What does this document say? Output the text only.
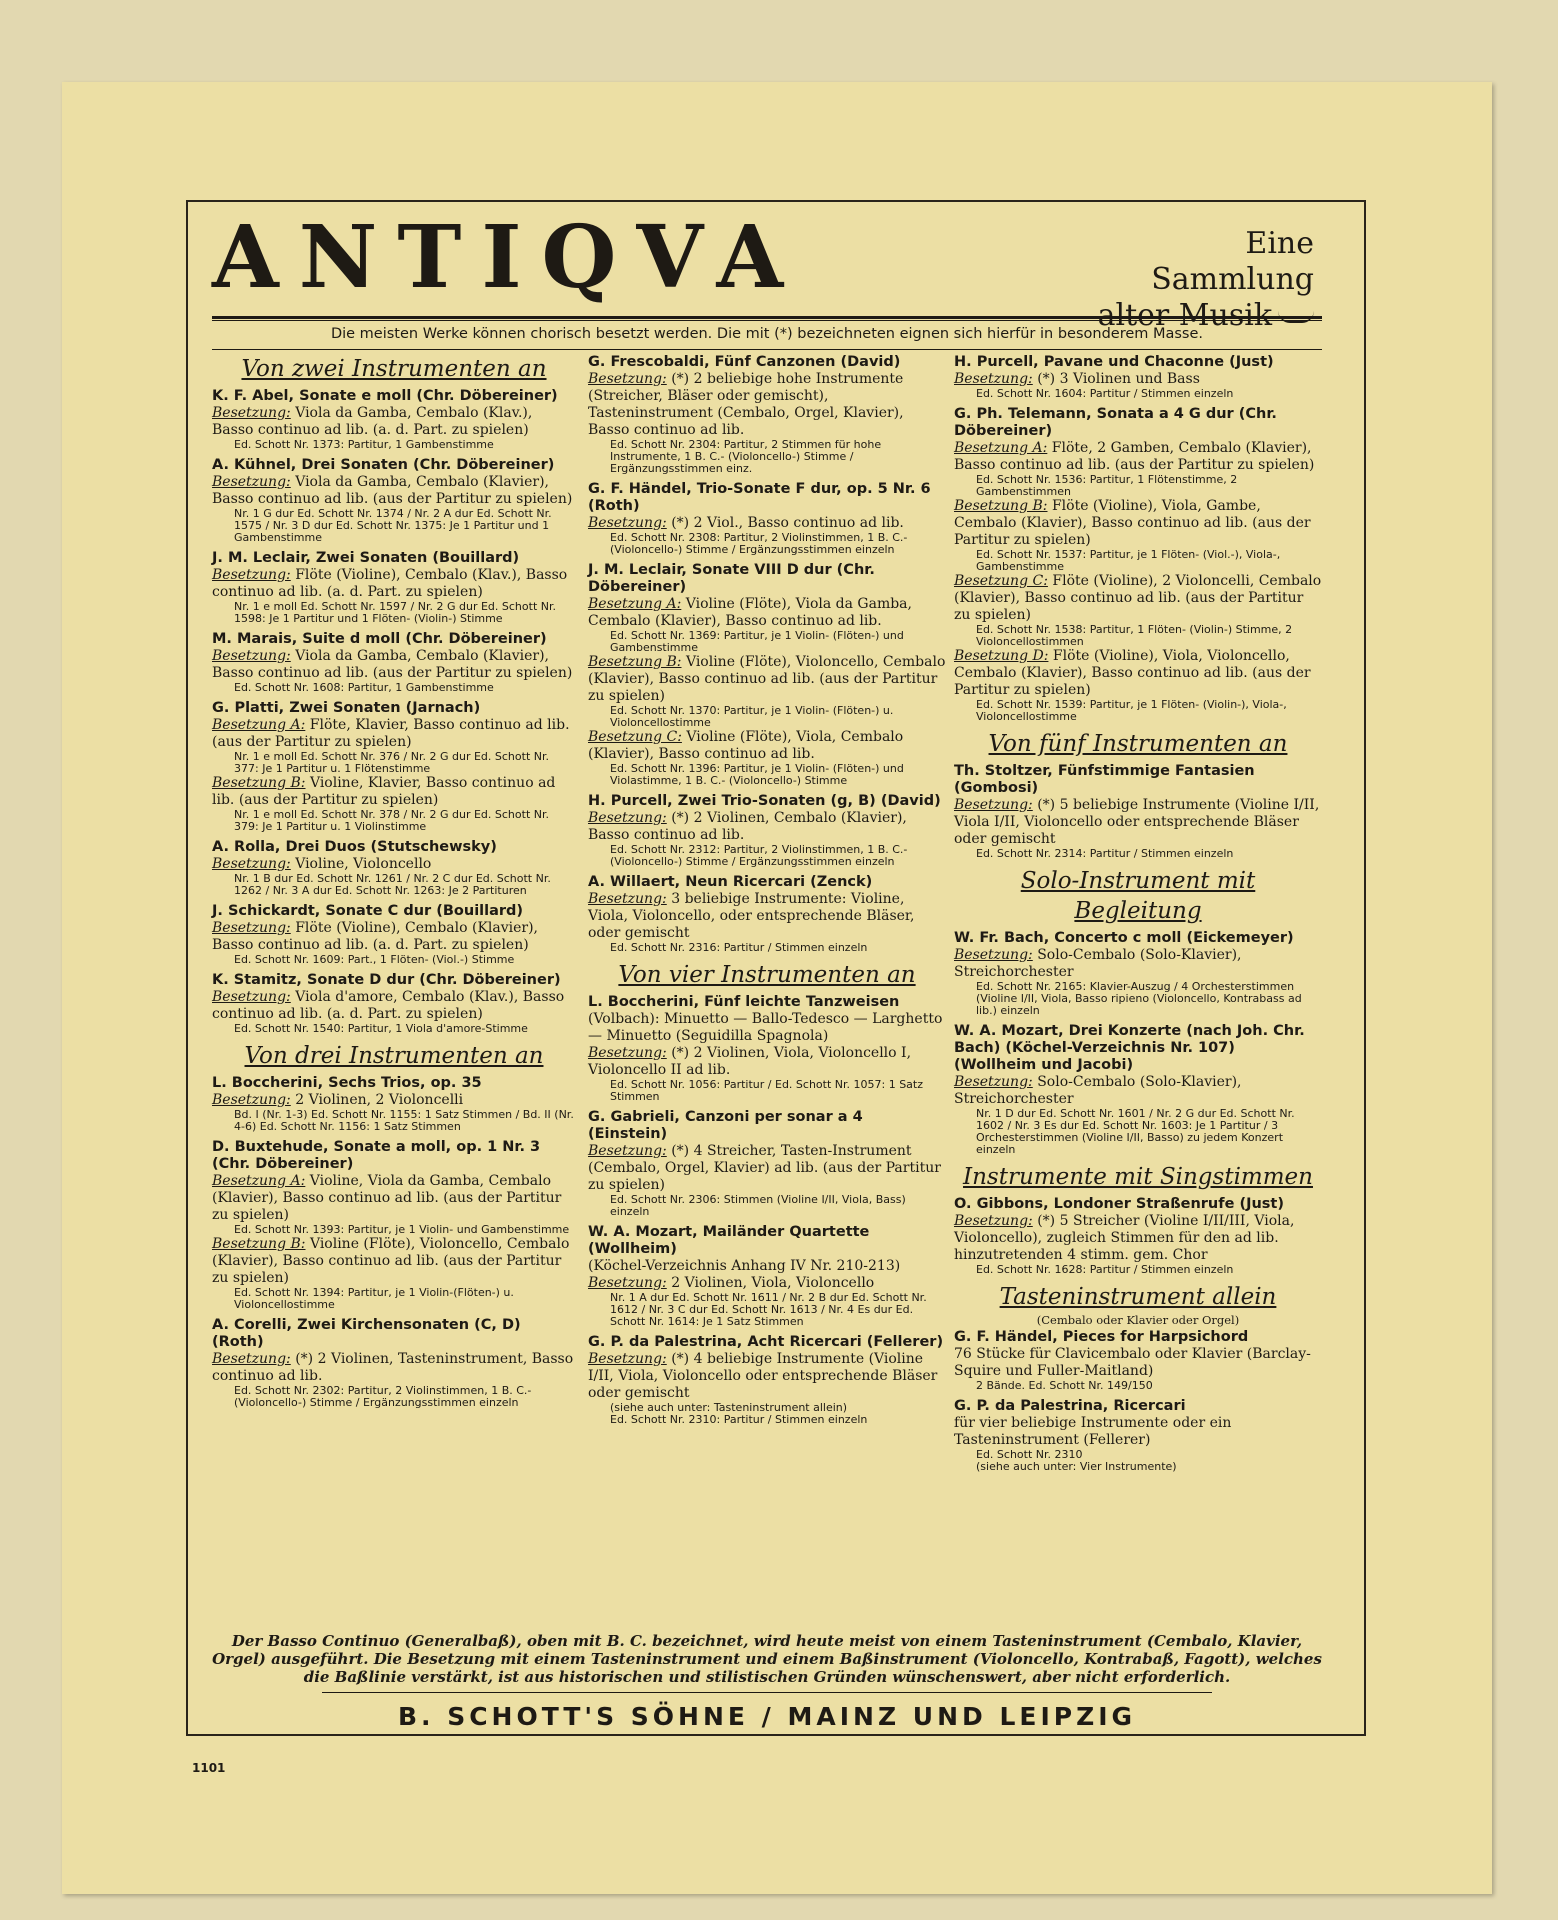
ANTIQVA	Eine Sammlung
alter Musik
Die meisten Werke können chorisch besetzt werden. Die mit (*) bezeichneten eignen sich hierfür in besonderem Masse.
Von zwei Instrumenten an
K. F. Abel, Sonate e moll (Chr. Döbereiner)
Besetzung: Viola da Gamba, Cembalo (Klav.), Basso continuo ad lib. (a. d. Part. zu spielen)
Ed. Schott Nr. 1373: Partitur, 1 Gambenstimme
A. Kühnel, Drei Sonaten (Chr. Döbereiner)
Besetzung: Viola da Gamba, Cembalo (Klavier), Basso continuo ad lib. (aus der Partitur zu spielen)
Nr. 1 G dur Ed. Schott Nr. 1374 / Nr. 2 A dur Ed. Schott Nr. 1575 / Nr. 3 D dur Ed. Schott Nr. 1375: Je 1 Partitur und 1 Gambenstimme
J. M. Leclair, Zwei Sonaten (Bouillard)
Besetzung: Flöte (Violine), Cembalo (Klav.), Basso continuo ad lib. (a. d. Part. zu spielen)
Nr. 1 e moll Ed. Schott Nr. 1597 / Nr. 2 G dur Ed. Schott Nr. 1598: Je 1 Partitur und 1 Flöten- (Violin-) Stimme
M. Marais, Suite d moll (Chr. Döbereiner)
Besetzung: Viola da Gamba, Cembalo (Klavier), Basso continuo ad lib. (aus der Partitur zu spielen)
Ed. Schott Nr. 1608: Partitur, 1 Gambenstimme
G. Platti, Zwei Sonaten (Jarnach)
Besetzung A: Flöte, Klavier, Basso continuo ad lib. (aus der Partitur zu spielen)
Nr. 1 e moll Ed. Schott Nr. 376 / Nr. 2 G dur Ed. Schott Nr. 377: Je 1 Partitur u. 1 Flötenstimme
Besetzung B: Violine, Klavier, Basso continuo ad lib. (aus der Partitur zu spielen)
Nr. 1 e moll Ed. Schott Nr. 378 / Nr. 2 G dur Ed. Schott Nr. 379: Je 1 Partitur u. 1 Violinstimme
A. Rolla, Drei Duos (Stutschewsky)
Besetzung: Violine, Violoncello
Nr. 1 B dur Ed. Schott Nr. 1261 / Nr. 2 C dur Ed. Schott Nr. 1262 / Nr. 3 A dur Ed. Schott Nr. 1263: Je 2 Partituren
J. Schickardt, Sonate C dur (Bouillard)
Besetzung: Flöte (Violine), Cembalo (Klavier), Basso continuo ad lib. (a. d. Part. zu spielen)
Ed. Schott Nr. 1609: Part., 1 Flöten- (Viol.-) Stimme
K. Stamitz, Sonate D dur (Chr. Döbereiner)
Besetzung: Viola d'amore, Cembalo (Klav.), Basso continuo ad lib. (a. d. Part. zu spielen)
Ed. Schott Nr. 1540: Partitur, 1 Viola d'amore-Stimme
Von drei Instrumenten an
L. Boccherini, Sechs Trios, op. 35
Besetzung: 2 Violinen, 2 Violoncelli
Bd. I (Nr. 1-3) Ed. Schott Nr. 1155: 1 Satz Stimmen / Bd. II (Nr. 4-6) Ed. Schott Nr. 1156: 1 Satz Stimmen
D. Buxtehude, Sonate a moll, op. 1 Nr. 3 (Chr. Döbereiner)
Besetzung A: Violine, Viola da Gamba, Cembalo (Klavier), Basso continuo ad lib. (aus der Partitur zu spielen)
Ed. Schott Nr. 1393: Partitur, je 1 Violin- und Gambenstimme
Besetzung B: Violine (Flöte), Violoncello, Cembalo (Klavier), Basso continuo ad lib. (aus der Partitur zu spielen)
Ed. Schott Nr. 1394: Partitur, je 1 Violin-(Flöten-) u. Violoncellostimme
A. Corelli, Zwei Kirchensonaten (C, D) (Roth)
Besetzung: (*) 2 Violinen, Tasteninstrument, Basso continuo ad lib.
Ed. Schott Nr. 2302: Partitur, 2 Violinstimmen, 1 B. C.- (Violoncello-) Stimme / Ergänzungsstimmen einzeln
G. Frescobaldi, Fünf Canzonen (David)
Besetzung: (*) 2 beliebige hohe Instrumente (Streicher, Bläser oder gemischt), Tasteninstrument (Cembalo, Orgel, Klavier), Basso continuo ad lib.
Ed. Schott Nr. 2304: Partitur, 2 Stimmen für hohe Instrumente, 1 B. C.- (Violoncello-) Stimme / Ergänzungsstimmen einz.
G. F. Händel, Trio-Sonate F dur, op. 5 Nr. 6 (Roth)
Besetzung: (*) 2 Viol., Basso continuo ad lib.
Ed. Schott Nr. 2308: Partitur, 2 Violinstimmen, 1 B. C.- (Violoncello-) Stimme / Ergänzungsstimmen einzeln
J. M. Leclair, Sonate VIII D dur (Chr. Döbereiner)
Besetzung A: Violine (Flöte), Viola da Gamba, Cembalo (Klavier), Basso continuo ad lib.
Ed. Schott Nr. 1369: Partitur, je 1 Violin- (Flöten-) und Gambenstimme
Besetzung B: Violine (Flöte), Violoncello, Cembalo (Klavier), Basso continuo ad lib. (aus der Partitur zu spielen)
Ed. Schott Nr. 1370: Partitur, je 1 Violin- (Flöten-) u. Violoncellostimme
Besetzung C: Violine (Flöte), Viola, Cembalo (Klavier), Basso continuo ad lib.
Ed. Schott Nr. 1396: Partitur, je 1 Violin- (Flöten-) und Violastimme, 1 B. C.- (Violoncello-) Stimme
H. Purcell, Zwei Trio-Sonaten (g, B) (David)
Besetzung: (*) 2 Violinen, Cembalo (Klavier), Basso continuo ad lib.
Ed. Schott Nr. 2312: Partitur, 2 Violinstimmen, 1 B. C.- (Violoncello-) Stimme / Ergänzungsstimmen einzeln
A. Willaert, Neun Ricercari (Zenck)
Besetzung: 3 beliebige Instrumente: Violine, Viola, Violoncello, oder entsprechende Bläser, oder gemischt
Ed. Schott Nr. 2316: Partitur / Stimmen einzeln
Von vier Instrumenten an
L. Boccherini, Fünf leichte Tanzweisen
(Volbach): Minuetto — Ballo-Tedesco — Larghetto — Minuetto (Seguidilla Spagnola)
Besetzung: (*) 2 Violinen, Viola, Violoncello I, Violoncello II ad lib.
Ed. Schott Nr. 1056: Partitur / Ed. Schott Nr. 1057: 1 Satz Stimmen
G. Gabrieli, Canzoni per sonar a 4 (Einstein)
Besetzung: (*) 4 Streicher, Tasten-Instrument (Cembalo, Orgel, Klavier) ad lib. (aus der Partitur zu spielen)
Ed. Schott Nr. 2306: Stimmen (Violine I/II, Viola, Bass) einzeln
W. A. Mozart, Mailänder Quartette (Wollheim)
(Köchel-Verzeichnis Anhang IV Nr. 210-213)
Besetzung: 2 Violinen, Viola, Violoncello
Nr. 1 A dur Ed. Schott Nr. 1611 / Nr. 2 B dur Ed. Schott Nr. 1612 / Nr. 3 C dur Ed. Schott Nr. 1613 / Nr. 4 Es dur Ed. Schott Nr. 1614: Je 1 Satz Stimmen
G. P. da Palestrina, Acht Ricercari (Fellerer)
Besetzung: (*) 4 beliebige Instrumente (Violine I/II, Viola, Violoncello oder entsprechende Bläser oder gemischt
(siehe auch unter: Tasteninstrument allein)
Ed. Schott Nr. 2310: Partitur / Stimmen einzeln
H. Purcell, Pavane und Chaconne (Just)
Besetzung: (*) 3 Violinen und Bass
Ed. Schott Nr. 1604: Partitur / Stimmen einzeln
G. Ph. Telemann, Sonata a 4 G dur (Chr. Döbereiner)
Besetzung A: Flöte, 2 Gamben, Cembalo (Klavier), Basso continuo ad lib. (aus der Partitur zu spielen)
Ed. Schott Nr. 1536: Partitur, 1 Flötenstimme, 2 Gambenstimmen
Besetzung B: Flöte (Violine), Viola, Gambe, Cembalo (Klavier), Basso continuo ad lib. (aus der Partitur zu spielen)
Ed. Schott Nr. 1537: Partitur, je 1 Flöten- (Viol.-), Viola-, Gambenstimme
Besetzung C: Flöte (Violine), 2 Violoncelli, Cembalo (Klavier), Basso continuo ad lib. (aus der Partitur zu spielen)
Ed. Schott Nr. 1538: Partitur, 1 Flöten- (Violin-) Stimme, 2 Violoncellostimmen
Besetzung D: Flöte (Violine), Viola, Violoncello, Cembalo (Klavier), Basso continuo ad lib. (aus der Partitur zu spielen)
Ed. Schott Nr. 1539: Partitur, je 1 Flöten- (Violin-), Viola-, Violoncellostimme
Von fünf Instrumenten an
Th. Stoltzer, Fünfstimmige Fantasien (Gombosi)
Besetzung: (*) 5 beliebige Instrumente (Violine I/II, Viola I/II, Violoncello oder entsprechende Bläser oder gemischt
Ed. Schott Nr. 2314: Partitur / Stimmen einzeln
Solo-Instrument mit Begleitung
W. Fr. Bach, Concerto c moll (Eickemeyer)
Besetzung: Solo-Cembalo (Solo-Klavier), Streichorchester
Ed. Schott Nr. 2165: Klavier-Auszug / 4 Orchesterstimmen (Violine I/II, Viola, Basso ripieno (Violoncello, Kontrabass ad lib.) einzeln
W. A. Mozart, Drei Konzerte (nach Joh. Chr. Bach) (Köchel-Verzeichnis Nr. 107) (Wollheim und Jacobi)
Besetzung: Solo-Cembalo (Solo-Klavier), Streichorchester
Nr. 1 D dur Ed. Schott Nr. 1601 / Nr. 2 G dur Ed. Schott Nr. 1602 / Nr. 3 Es dur Ed. Schott Nr. 1603: Je 1 Partitur / 3 Orchesterstimmen (Violine I/II, Basso) zu jedem Konzert einzeln
Instrumente mit Singstimmen
O. Gibbons, Londoner Straßenrufe (Just)
Besetzung: (*) 5 Streicher (Violine I/II/III, Viola, Violoncello), zugleich Stimmen für den ad lib. hinzutretenden 4 stimm. gem. Chor
Ed. Schott Nr. 1628: Partitur / Stimmen einzeln
Tasteninstrument allein
(Cembalo oder Klavier oder Orgel)
G. F. Händel, Pieces for Harpsichord
76 Stücke für Clavicembalo oder Klavier (Barclay-Squire und Fuller-Maitland)
2 Bände. Ed. Schott Nr. 149/150
G. P. da Palestrina, Ricercari
für vier beliebige Instrumente oder ein Tasteninstrument (Fellerer)
Ed. Schott Nr. 2310
(siehe auch unter: Vier Instrumente)
Der Basso Continuo (Generalbaß), oben mit B. C. bezeichnet, wird heute meist von einem Tasteninstrument (Cembalo, Klavier, Orgel) ausgeführt. Die Besetzung mit einem Tasteninstrument und einem Baßinstrument (Violoncello, Kontrabaß, Fagott), welches die Baßlinie verstärkt, ist aus historischen und stilistischen Gründen wünschenswert, aber nicht erforderlich.
B. SCHOTT'S SÖHNE / MAINZ UND LEIPZIG
1101
